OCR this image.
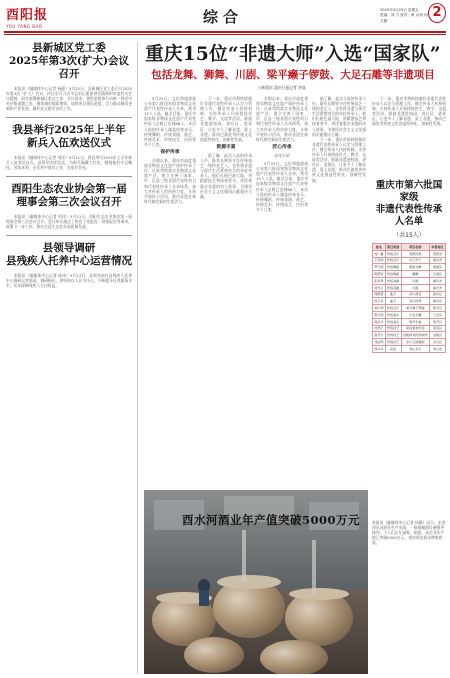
酉阳报
YOU YANG BAO
综合	2025年5月23日 星期五
责编：刘 力 校对：黄 诗谙 何文静
2
县新城区党工委
2025年第3次(扩大)会议召开
本报讯（融媒体中心记者 杨静）5月22日，县新城区党工委召开2025年第3次（扩大）会议，传达学习习近平总书记重要讲话精神和市委有关会议精神，研究部署新城区重点工作。会议要求，要把思想和行动统一到党中央决策部署上来，聚焦城市提质增效，加快项目建设进度，全力推动城市更新和产业发展，做好安全稳定各项工作。
我县举行2025年上半年
新兵入伍欢送仪式
本报讯（融媒体中心记者 刘洋）5月21日，我县举行2025年上半年新兵入伍欢送仪式。县领导出席仪式，为新兵佩戴大红花，勉励他们牢记嘱托，苦练本领，在军营中建功立业，为家乡争光。
酉阳生态农业协会第一届
理事会第三次会议召开
本报讯（融媒体中心记者 何佳）5月21日，酉阳生态农业协会第一届理事会第三次会议召开。会议审议通过了协会工作报告、财务报告等事项，部署下一步工作，推动全县生态农业高质量发展。
县领导调研
县残疾人托养中心运营情况
本报讯（融媒体中心记者 陈伟）5月21日，县领导前往县残疾人托养中心调研运营情况。调研指出，要坚持以人民为中心，不断提升托养服务水平，切实保障残疾人合法权益。
重庆15位“非遗大师”入选“国家队”
包括龙舞、狮舞、川剧、梁平癞子锣鼓、大足石雕等非遗项目
○新重庆-重庆日报记者 李晟

5月22日，文化和旅游部公布第六批国家级非物质文化遗产代表性传承人名单，我市15人入选。截至目前，重庆市国家级非物质文化遗产代表性传承人总数已达到88人。本次入选的传承人涵盖传统音乐、传统舞蹈、传统戏剧、曲艺、传统美术、传统技艺、民俗等多个门类。

保护传承

长期以来，重庆市高度重视非物质文化遗产保护传承工作，认真贯彻落实非物质文化遗产法，建立完善了国家、市、区县三级非遗代表性项目和代表性传承人名录体系，加大对传承人的扶持力度，支持开展传习活动，推动非遗在新时代焕发新的生机活力。

下一步，重庆市将持续做好非遗代表性传承人认定与管理工作，健全传承人扶持机制，支持传承人开展授徒传艺、教学、交流等活动，鼓励非遗进校园、进社区、进景区，让更多人了解非遗、爱上非遗，推动巴渝优秀传统文化创造性转化、创新性发展。

资源丰富

据了解，此次入选的传承人中，既有长期坚守在传统技艺一线的老艺人，也有将非遗与现代生活紧密结合的年轻传承人。他们扎根巴渝大地，用精湛技艺和执着坚守，讲述着重庆非遗的动人故事，为建设社会主义文化强国贡献重庆力量。

长期以来，重庆市高度重视非物质文化遗产保护传承工作，认真贯彻落实非物质文化遗产法，建立完善了国家、市、区县三级非遗代表性项目和代表性传承人名录体系，加大对传承人的扶持力度，支持开展传习活动，推动非遗在新时代焕发新的生机活力。

匠心传承
成果丰硕

5月22日，文化和旅游部公布第六批国家级非物质文化遗产代表性传承人名单，我市15人入选。截至目前，重庆市国家级非物质文化遗产代表性传承人总数已达到88人。本次入选的传承人涵盖传统音乐、传统舞蹈、传统戏剧、曲艺、传统美术、传统技艺、民俗等多个门类。

据了解，此次入选的传承人中，既有长期坚守在传统技艺一线的老艺人，也有将非遗与现代生活紧密结合的年轻传承人。他们扎根巴渝大地，用精湛技艺和执着坚守，讲述着重庆非遗的动人故事，为建设社会主义文化强国贡献重庆力量。

下一步，重庆市将持续做好非遗代表性传承人认定与管理工作，健全传承人扶持机制，支持传承人开展授徒传艺、教学、交流等活动，鼓励非遗进校园、进社区、进景区，让更多人了解非遗、爱上非遗，推动巴渝优秀传统文化创造性转化、创新性发展。	重庆市第六批国家级
非遗代表性传承人名单
（共15人）
姓名	项目类别	项目名称	申报地区
冉广鑫	传统音乐	酉阳民歌	酉阳县
王发明	传统音乐	川江号子	重庆市
罗天明	传统舞蹈	铜梁龙舞	铜梁区
陈德荣	传统舞蹈	狮舞	巴南区
张凤琴	传统戏剧	川剧	重庆市
刘光宇	传统戏剧	川剧	重庆市
谭德君	曲艺	四川清音	渝中区
杨玉华	曲艺	四川扬琴	渝中区
刘小明	传统音乐	梁平癞子锣鼓	梁平区
陈可明	传统美术	大足石雕	大足区
周洪兵	传统美术	梁平年画	梁平区
杜德宇	传统技艺	荣昌夏布织造	荣昌区
高开宇	传统技艺	涪陵榨菜传统制作	涪陵区
邓成明	传统技艺	永川豆豉酿制	永川区
徐兴华	民俗	秀山花灯	秀山县

下一步，重庆市将持续做好非遗代表性传承人认定与管理工作，健全传承人扶持机制，支持传承人开展授徒传艺、教学、交流等活动，鼓励非遗进校园、进社区、进景区，让更多人了解非遗、爱上非遗，推动巴渝优秀传统文化创造性转化、创新性发展。

酉水河酒业年产值突破5000万元	本报讯（融媒体中心记者 杨静）近日，走进酉水河酒业生产车间，一排排酿酒设备整齐排列，工人们正忙碌着。据悉，该企业年产值已突破5000万元，带动周边群众增收致富。
